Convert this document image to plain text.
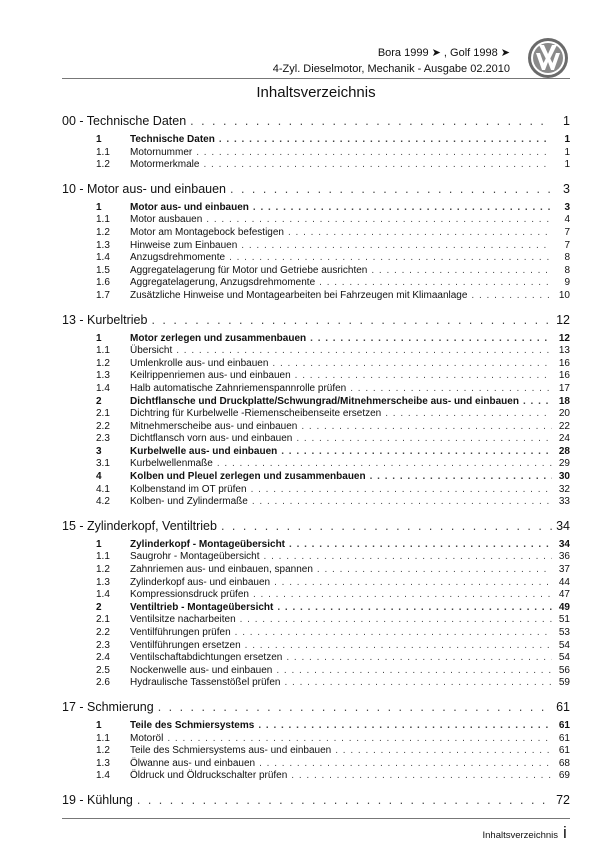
Bora 1999 ➤ , Golf 1998 ➤
4-Zyl. Dieselmotor, Mechanik - Ausgabe 02.2010
Inhaltsverzeichnis
00 - Technische Daten . . .	1
1	Technische Daten . . .	1
1.1	Motornummer . . .	1
1.2	Motormerkmale . . .	1
10 - Motor aus- und einbauen . . .	3
1	Motor aus- und einbauen . . .	3
1.1	Motor ausbauen . . .	4
1.2	Motor am Montagebock befestigen . . .	7
1.3	Hinweise zum Einbauen . . .	7
1.4	Anzugsdrehmomente . . .	8
1.5	Aggregatelagerung für Motor und Getriebe ausrichten . . .	8
1.6	Aggregatelagerung, Anzugsdrehmomente . . .	9
1.7	Zusätzliche Hinweise und Montagearbeiten bei Fahrzeugen mit Klimaanlage . . .	10
13 - Kurbeltrieb . . .	12
1	Motor zerlegen und zusammenbauen . . .	12
1.1	Übersicht . . .	13
1.2	Umlenkrolle aus- und einbauen . . .	16
1.3	Keilrippenriemen aus- und einbauen . . .	16
1.4	Halb automatische Zahnriemenspannrolle prüfen . . .	17
2	Dichtflansche und Druckplatte/Schwungrad/Mitnehmerscheibe aus- und einbauen . . .	18
2.1	Dichtring für Kurbelwelle -Riemenscheibenseite ersetzen . . .	20
2.2	Mitnehmerscheibe aus- und einbauen . . .	22
2.3	Dichtflansch vorn aus- und einbauen . . .	24
3	Kurbelwelle aus- und einbauen . . .	28
3.1	Kurbelwellenmaße . . .	29
4	Kolben und Pleuel zerlegen und zusammenbauen . . .	30
4.1	Kolbenstand im OT prüfen . . .	32
4.2	Kolben- und Zylindermaße . . .	33
15 - Zylinderkopf, Ventiltrieb . . .	34
1	Zylinderkopf - Montageübersicht . . .	34
1.1	Saugrohr - Montageübersicht . . .	36
1.2	Zahnriemen aus- und einbauen, spannen . . .	37
1.3	Zylinderkopf aus- und einbauen . . .	44
1.4	Kompressionsdruck prüfen . . .	47
2	Ventiltrieb - Montageübersicht . . .	49
2.1	Ventilsitze nacharbeiten . . .	51
2.2	Ventilführungen prüfen . . .	53
2.3	Ventilführungen ersetzen . . .	54
2.4	Ventilschaftabdichtungen ersetzen . . .	54
2.5	Nockenwelle aus- und einbauen . . .	56
2.6	Hydraulische Tassenstößel prüfen . . .	59
17 - Schmierung . . .	61
1	Teile des Schmiersystems . . .	61
1.1	Motoröl . . .	61
1.2	Teile des Schmiersystems aus- und einbauen . . .	61
1.3	Ölwanne aus- und einbauen . . .	68
1.4	Öldruck und Öldruckschalter prüfen . . .	69
19 - Kühlung . . .	72
Inhaltsverzeichnis i
